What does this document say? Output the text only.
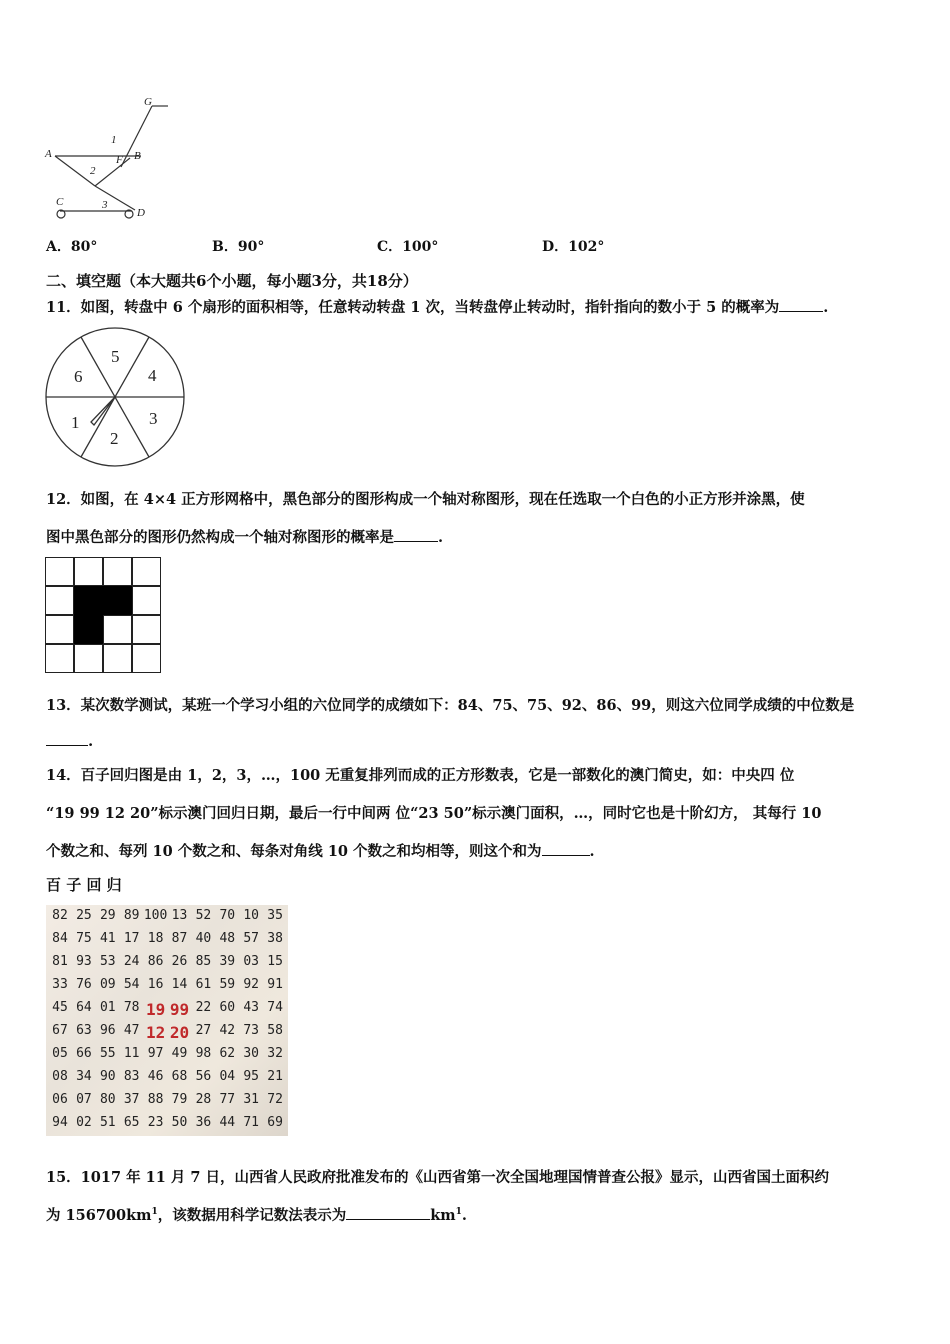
G
1
A	F B
2
C	3
D
A．80°	B．90°	C．100°	D．102°
二、填空题（本大题共6个小题，每小题3分，共18分）
11．如图，转盘中 6 个扇形的面积相等，任意转动转盘 1 次，当转盘停止转动时，指针指向的数小于 5 的概率为	.
5
4
3
2
1
6
12．如图，在 4×4 正方形网格中，黑色部分的图形构成一个轴对称图形，现在任选取一个白色的小正方形并涂黑，使
图中黑色部分的图形仍然构成一个轴对称图形的概率是	.
13．某次数学测试，某班一个学习小组的六位同学的成绩如下：84、75、75、92、86、99，则这六位同学成绩的中位数是
.
14．百子回归图是由 1，2，3，…，100 无重复排列而成的正方形数表，它是一部数化的澳门简史，如：中央四 位
“19 99 12 20”标示澳门回归日期，最后一行中间两 位“23 50”标示澳门面积，…，同时它也是十阶幻方， 其每行 10
个数之和、每列 10 个数之和、每条对角线 10 个数之和均相等，则这个和为	.
百 子 回 归
82 25 29 89 100 13 52 70 10 35
84 75 41 17 18 87 40 48 57 38
81 93 53 24 86 26 85 39 03 15
33 76 09 54 16 14 61 59 92 91
45 64 01 78 19 99 22 60 43 74
67 63 96 47 12 20 27 42 73 58
05 66 55 11 97 49 98 62 30 32
08 34 90 83 46 68 56 04 95 21
06 07 80 37 88 79 28 77 31 72
94 02 51 65 23 50 36 44 71 69
15．1017 年 11 月 7 日，山西省人民政府批准发布的《山西省第一次全国地理国情普查公报》显示，山西省国土面积约
为 $156700km^1$，该数据用科学记数法表示为	$km^1$.
